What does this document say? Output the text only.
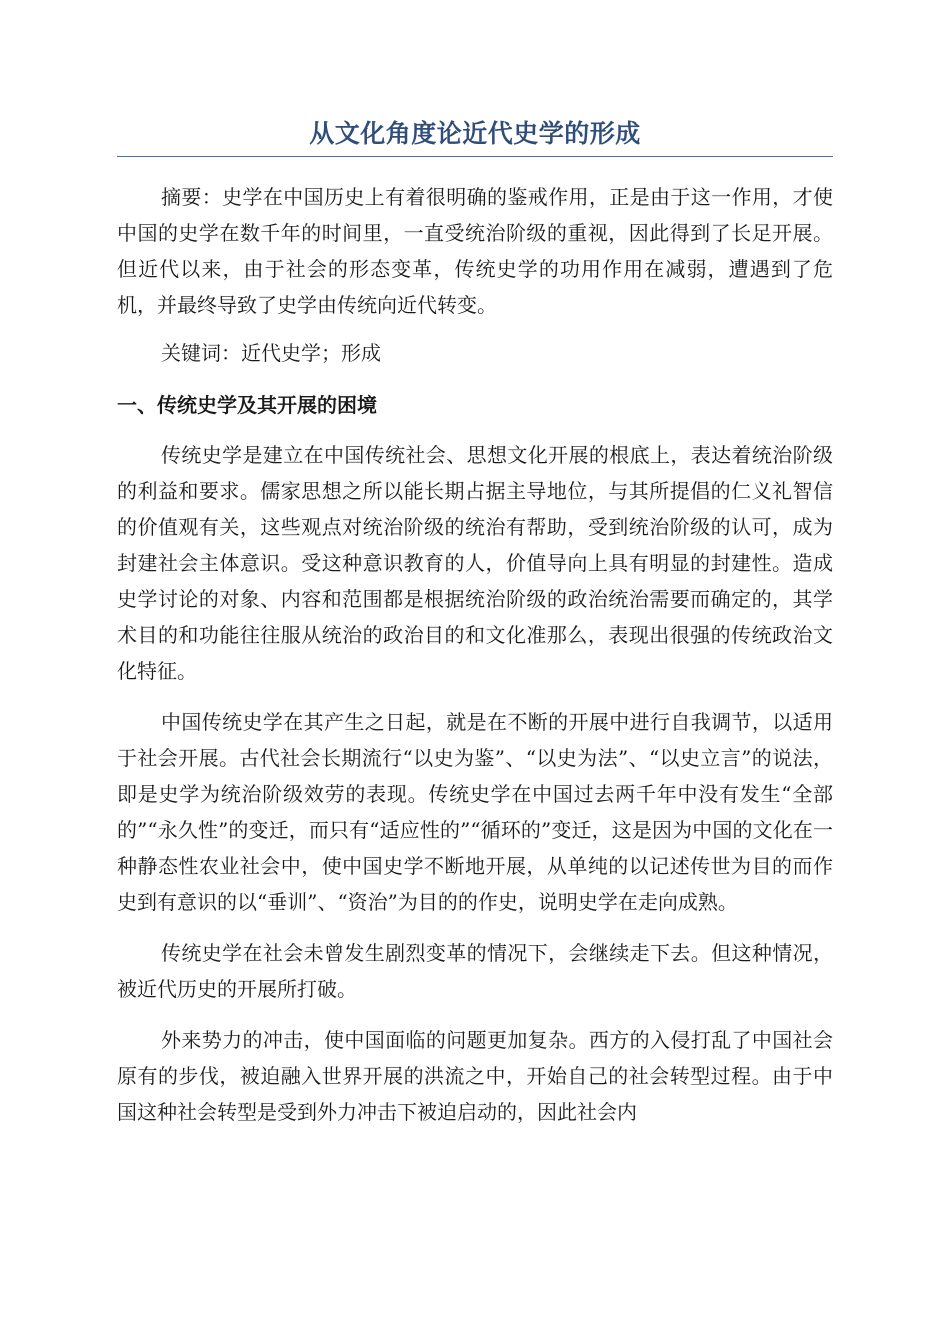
从文化角度论近代史学的形成

摘要：史学在中国历史上有着很明确的鉴戒作用，正是由于这一作用，才使中国的史学在数千年的时间里，一直受统治阶级的重视，因此得到了长足开展。但近代以来，由于社会的形态变革，传统史学的功用作用在减弱，遭遇到了危机，并最终导致了史学由传统向近代转变。

关键词：近代史学；形成

一、传统史学及其开展的困境

传统史学是建立在中国传统社会、思想文化开展的根底上，表达着统治阶级的利益和要求。儒家思想之所以能长期占据主导地位，与其所提倡的仁义礼智信的价值观有关，这些观点对统治阶级的统治有帮助，受到统治阶级的认可，成为封建社会主体意识。受这种意识教育的人，价值导向上具有明显的封建性。造成史学讨论的对象、内容和范围都是根据统治阶级的政治统治需要而确定的，其学术目的和功能往往服从统治的政治目的和文化准那么，表现出很强的传统政治文化特征。

中国传统史学在其产生之日起，就是在不断的开展中进行自我调节，以适用于社会开展。古代社会长期流行“以史为鉴”、“以史为法”、“以史立言”的说法，即是史学为统治阶级效劳的表现。传统史学在中国过去两千年中没有发生“全部的”“永久性”的变迁，而只有“适应性的”“循环的”变迁，这是因为中国的文化在一种静态性农业社会中，使中国史学不断地开展，从单纯的以记述传世为目的而作史到有意识的以“垂训”、“资治”为目的的作史，说明史学在走向成熟。

传统史学在社会未曾发生剧烈变革的情况下，会继续走下去。但这种情况，被近代历史的开展所打破。

外来势力的冲击，使中国面临的问题更加复杂。西方的入侵打乱了中国社会原有的步伐，被迫融入世界开展的洪流之中，开始自己的社会转型过程。由于中国这种社会转型是受到外力冲击下被迫启动的，因此社会内
